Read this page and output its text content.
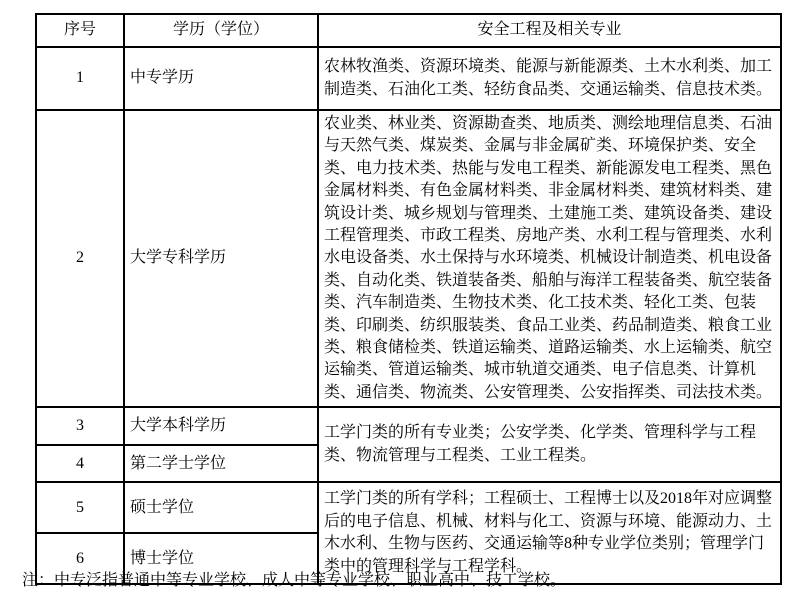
序号	学历（学位）	安全工程及相关专业
1	中专学历	农林牧渔类、资源环境类、能源与新能源类、土木水利类、加工制造类、石油化工类、轻纺食品类、交通运输类、信息技术类。
2	大学专科学历	农业类、林业类、资源勘查类、地质类、测绘地理信息类、石油与天然气类、煤炭类、金属与非金属矿类、环境保护类、安全类、电力技术类、热能与发电工程类、新能源发电工程类、黑色金属材料类、有色金属材料类、非金属材料类、建筑材料类、建筑设计类、城乡规划与管理类、土建施工类、建筑设备类、建设工程管理类、市政工程类、房地产类、水利工程与管理类、水利水电设备类、水土保持与水环境类、机械设计制造类、机电设备类、自动化类、铁道装备类、船舶与海洋工程装备类、航空装备类、汽车制造类、生物技术类、化工技术类、轻化工类、包装类、印刷类、纺织服装类、食品工业类、药品制造类、粮食工业类、粮食储检类、铁道运输类、道路运输类、水上运输类、航空运输类、管道运输类、城市轨道交通类、电子信息类、计算机类、通信类、物流类、公安管理类、公安指挥类、司法技术类。
3	大学本科学历	工学门类的所有专业类；公安学类、化学类、管理科学与工程类、物流管理与工程类、工业工程类。
4	第二学士学位	
5	硕士学位	工学门类的所有学科；工程硕士、工程博士以及2018年对应调整后的电子信息、机械、材料与化工、资源与环境、能源动力、土木水利、生物与医药、交通运输等8种专业学位类别；管理学门类中的管理科学与工程学科。
6	博士学位	
注：中专泛指普通中等专业学校、成人中等专业学校、职业高中、技工学校。
